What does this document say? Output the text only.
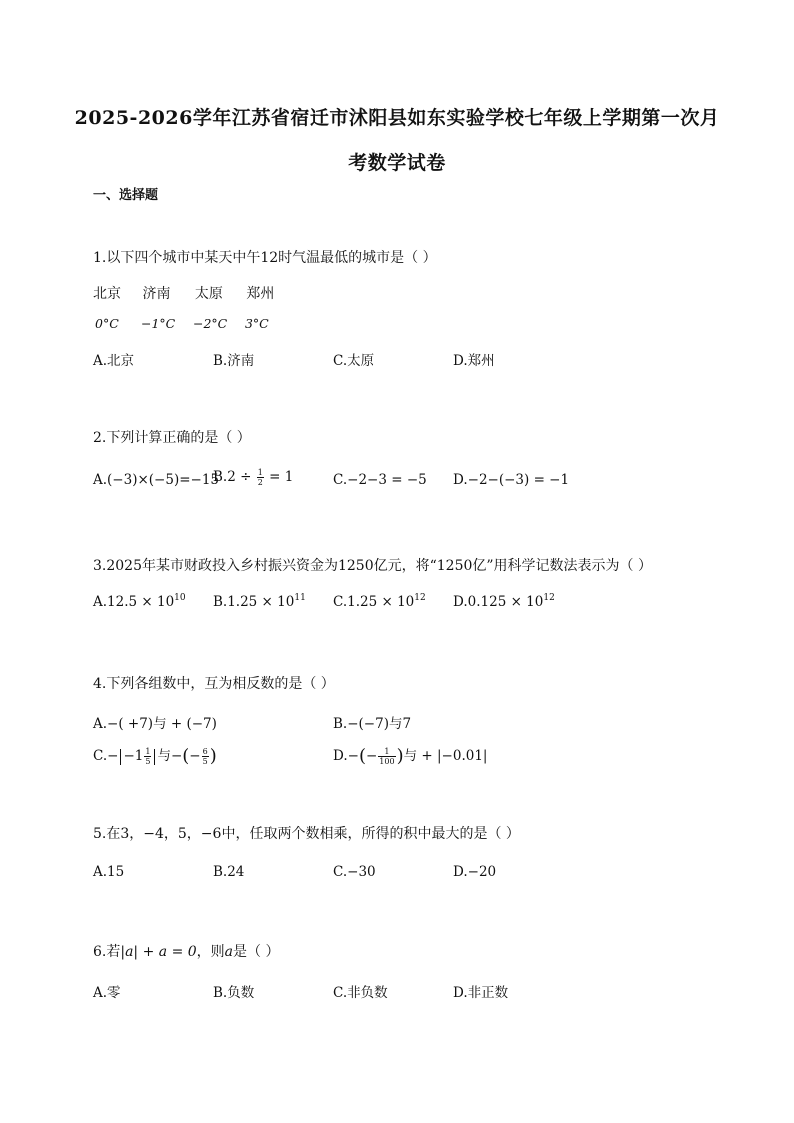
2025-2026学年江苏省宿迁市沭阳县如东实验学校七年级上学期第一次月
考数学试卷
一、选择题
1.以下四个城市中某天中午12时气温最低的城市是（ ）
北京 济南 太原 郑州
0°C −1°C −2°C 3°C
A.北京	B.济南	C.太原	D.郑州
2.下列计算正确的是（ ）
A.(−3)×(−5)=−15
$B.2 \div \frac{1}{2} = 1$	C.−2−3 = −5 D.−2−(−3) = −1
3.2025年某市财政投入乡村振兴资金为1250亿元，将“1250亿”用科学记数法表示为（ ）
$A.12.5 \times 10^{10}$ $B.1.25 \times 10^{11}$ $C.1.25 \times 10^{12}$ $D.0.125 \times 10^{12}$
4.下列各组数中，互为相反数的是（ ）
A.−( +7)与 + (−7)	B.−(−7)与7
$C.- -1 \frac{1}{5}$ 与−(− $\frac{6}{5}$ )	$D.-(- \frac{1}{100}$ )与 + |−0.01|
5.在3，−4，5，−6中，任取两个数相乘，所得的积中最大的是（ ）
A.15	B.24	C.−30	D.−20
6.若|a| + a = 0，则a是（ ）
A.零	B.负数	C.非负数	D.非正数
